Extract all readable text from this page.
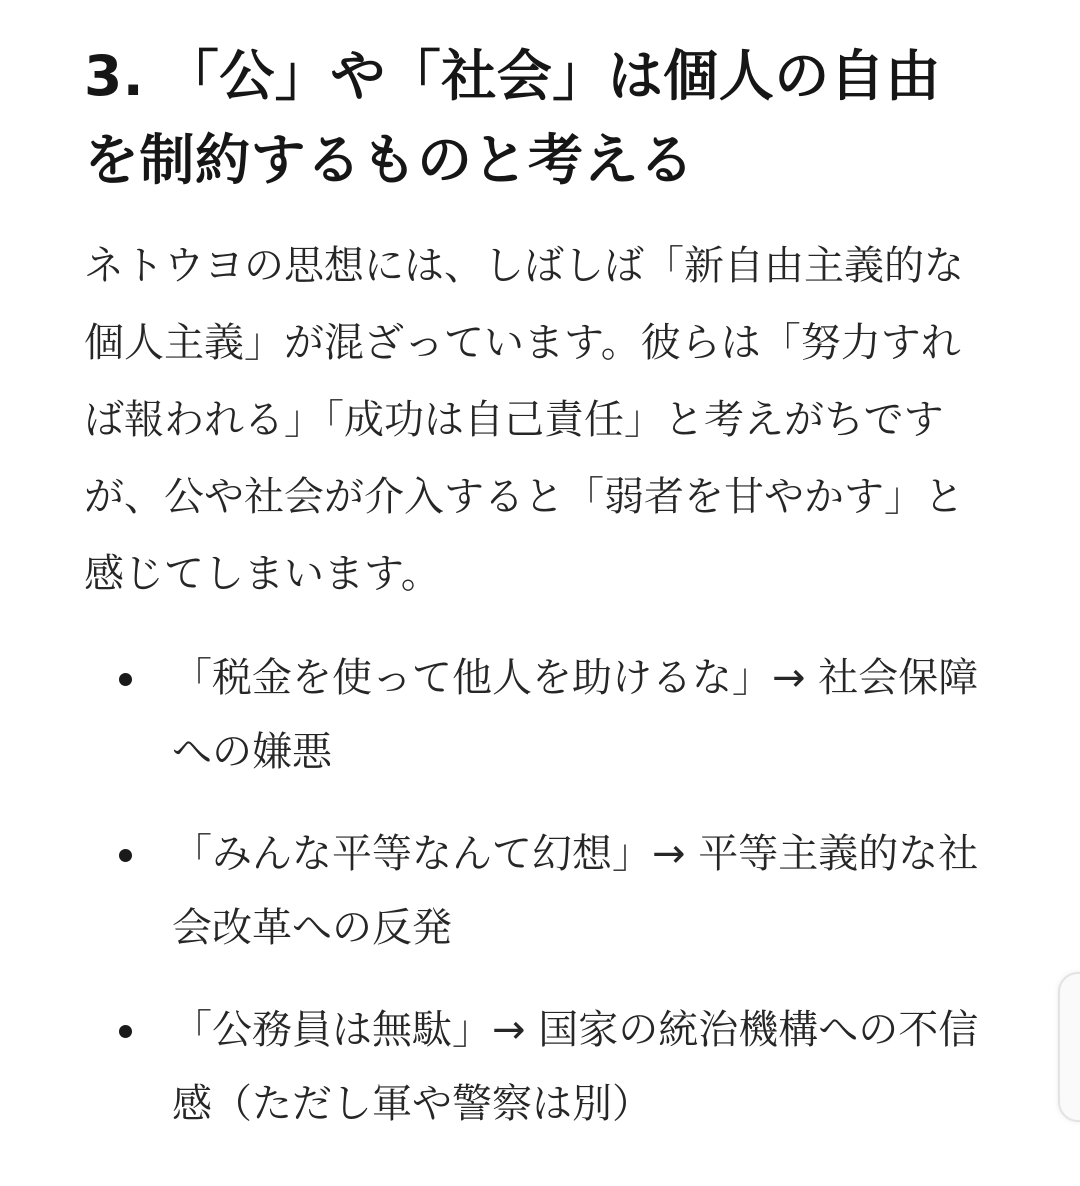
3. 「公」や「社会」は個人の自由を制約するものと考える

ネトウヨの思想には、しばしば「新自由主義的な個人主義」が混ざっています。彼らは「努力すれば報われる」「成功は自己責任」と考えがちですが、公や社会が介入すると「弱者を甘やかす」と感じてしまいます。

「税金を使って他人を助けるな」→ 社会保障への嫌悪
「みんな平等なんて幻想」→ 平等主義的な社会改革への反発
「公務員は無駄」→ 国家の統治機構への不信感（ただし軍や警察は別）
